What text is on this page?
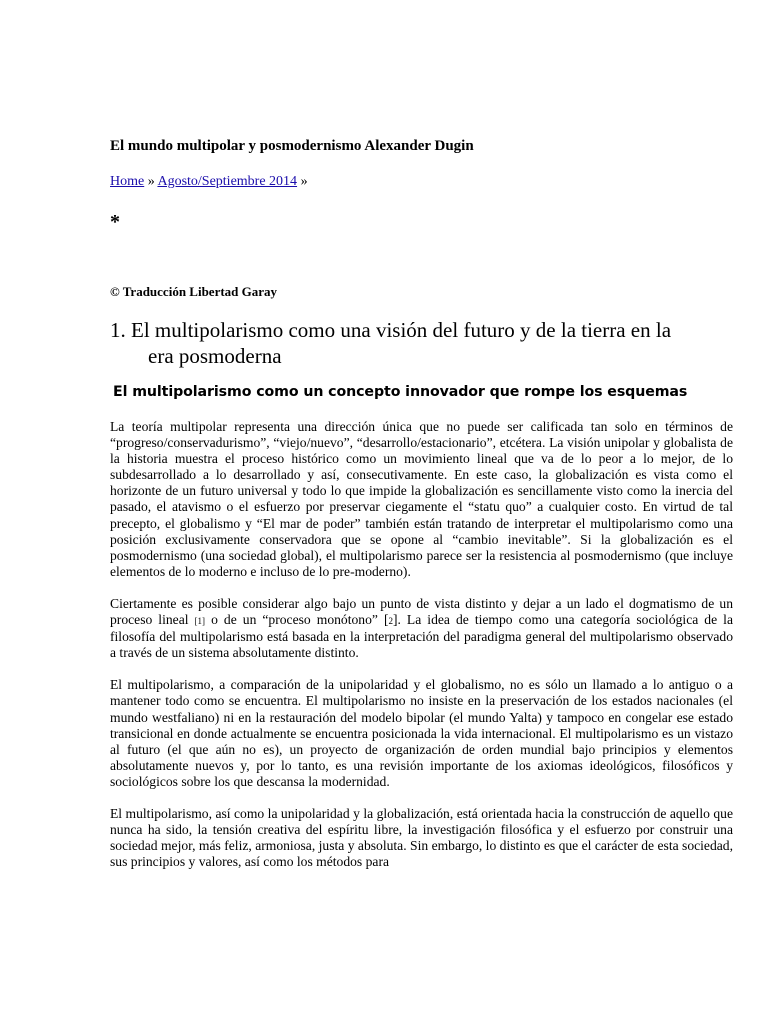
El mundo multipolar y posmodernismo Alexander Dugin
Home » Agosto/Septiembre 2014 »
*
© Traducción Libertad Garay
1. El multipolarismo como una visión del futuro y de la tierra en la
era posmoderna
El multipolarismo como un concepto innovador que rompe los esquemas

La teoría multipolar representa una dirección única que no puede ser calificada tan solo en términos de “progreso/conservadurismo”, “viejo/nuevo”, “desarrollo/estacionario”, etcétera. La visión unipolar y globalista de la historia muestra el proceso histórico como un movimiento lineal que va de lo peor a lo mejor, de lo subdesarrollado a lo desarrollado y así, consecutivamente. En este caso, la globalización es vista como el horizonte de un futuro universal y todo lo que impide la globalización es sencillamente visto como la inercia del pasado, el atavismo o el esfuerzo por preservar ciegamente el “statu quo” a cualquier costo. En virtud de tal precepto, el globalismo y “El mar de poder” también están tratando de interpretar el multipolarismo como una posición exclusivamente conservadora que se opone al “cambio inevitable”. Si la globalización es el posmodernismo (una sociedad global), el multipolarismo parece ser la resistencia al posmodernismo (que incluye elementos de lo moderno e incluso de lo pre-moderno).

Ciertamente es posible considerar algo bajo un punto de vista distinto y dejar a un lado el dogmatismo de un proceso lineal [1] o de un “proceso monótono” [2]. La idea de tiempo como una categoría sociológica de la filosofía del multipolarismo está basada en la interpretación del paradigma general del multipolarismo observado a través de un sistema absolutamente distinto.

El multipolarismo, a comparación de la unipolaridad y el globalismo, no es sólo un llamado a lo antiguo o a mantener todo como se encuentra. El multipolarismo no insiste en la preservación de los estados nacionales (el mundo westfaliano) ni en la restauración del modelo bipolar (el mundo Yalta) y tampoco en congelar ese estado transicional en donde actualmente se encuentra posicionada la vida internacional. El multipolarismo es un vistazo al futuro (el que aún no es), un proyecto de organización de orden mundial bajo principios y elementos absolutamente nuevos y, por lo tanto, es una revisión importante de los axiomas ideológicos, filosóficos y sociológicos sobre los que descansa la modernidad.

El multipolarismo, así como la unipolaridad y la globalización, está orientada hacia la construcción de aquello que nunca ha sido, la tensión creativa del espíritu libre, la investigación filosófica y el esfuerzo por construir una sociedad mejor, más feliz, armoniosa, justa y absoluta. Sin embargo, lo distinto es que el carácter de esta sociedad, sus principios y valores, así como los métodos para
